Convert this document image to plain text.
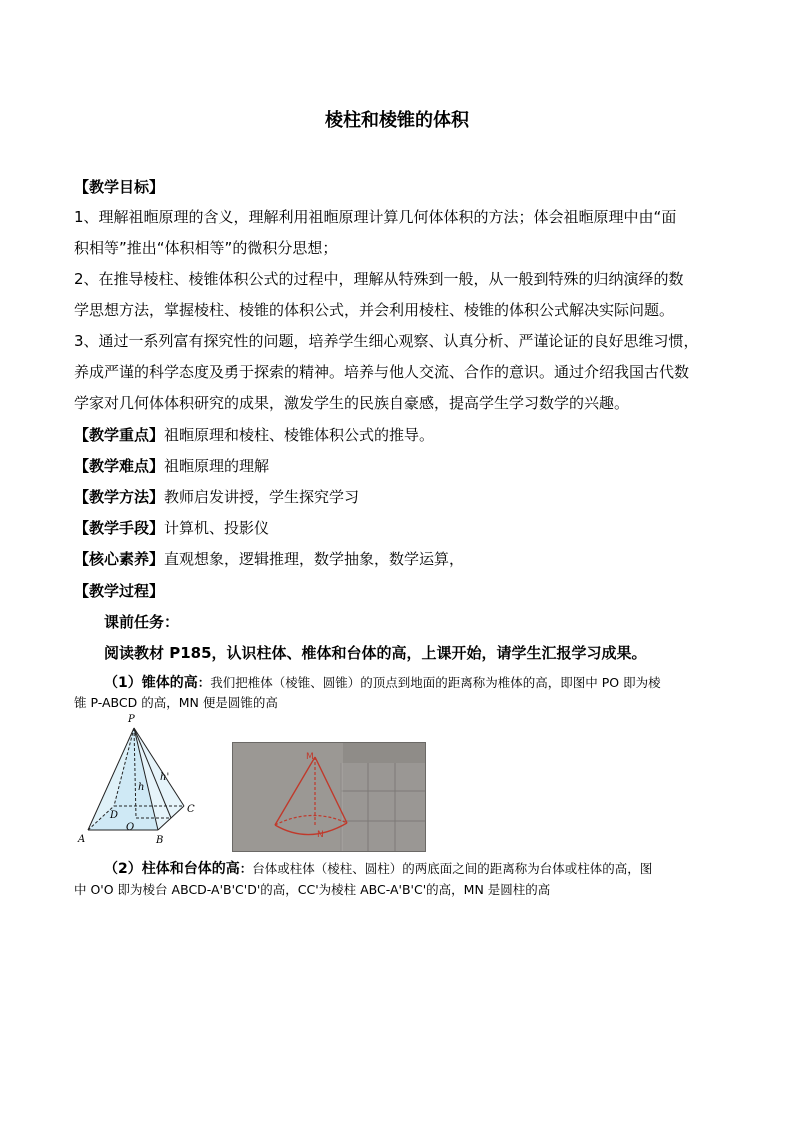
棱柱和棱锥的体积
【教学目标】
1、理解祖暅原理的含义，理解利用祖暅原理计算几何体体积的方法；体会祖暅原理中由“面
积相等”推出“体积相等”的微积分思想；
2、在推导棱柱、棱锥体积公式的过程中，理解从特殊到一般，从一般到特殊的归纳演绎的数
学思想方法，掌握棱柱、棱锥的体积公式，并会利用棱柱、棱锥的体积公式解决实际问题。
3、通过一系列富有探究性的问题，培养学生细心观察、认真分析、严谨论证的良好思维习惯，
养成严谨的科学态度及勇于探索的精神。培养与他人交流、合作的意识。通过介绍我国古代数
学家对几何体体积研究的成果，激发学生的民族自豪感，提高学生学习数学的兴趣。
【教学重点】祖暅原理和棱柱、棱锥体积公式的推导。
【教学难点】祖暅原理的理解
【教学方法】教师启发讲授，学生探究学习
【教学手段】计算机、投影仪
【核心素养】直观想象，逻辑推理，数学抽象，数学运算，
【教学过程】
课前任务：
阅读教材 P185，认识柱体、椎体和台体的高，上课开始，请学生汇报学习成果。
（1）锥体的高：我们把椎体（棱锥、圆锥）的顶点到地面的距离称为椎体的高，即图中 PO 即为棱
锥 P-ABCD 的高，MN 便是圆锥的高
P
A	B
C
D
O
h
h'
M
N
（2）柱体和台体的高：台体或柱体（棱柱、圆柱）的两底面之间的距离称为台体或柱体的高，图
中 O'O 即为棱台 ABCD-A'B'C'D'的高，CC'为棱柱 ABC-A'B'C'的高，MN 是圆柱的高
